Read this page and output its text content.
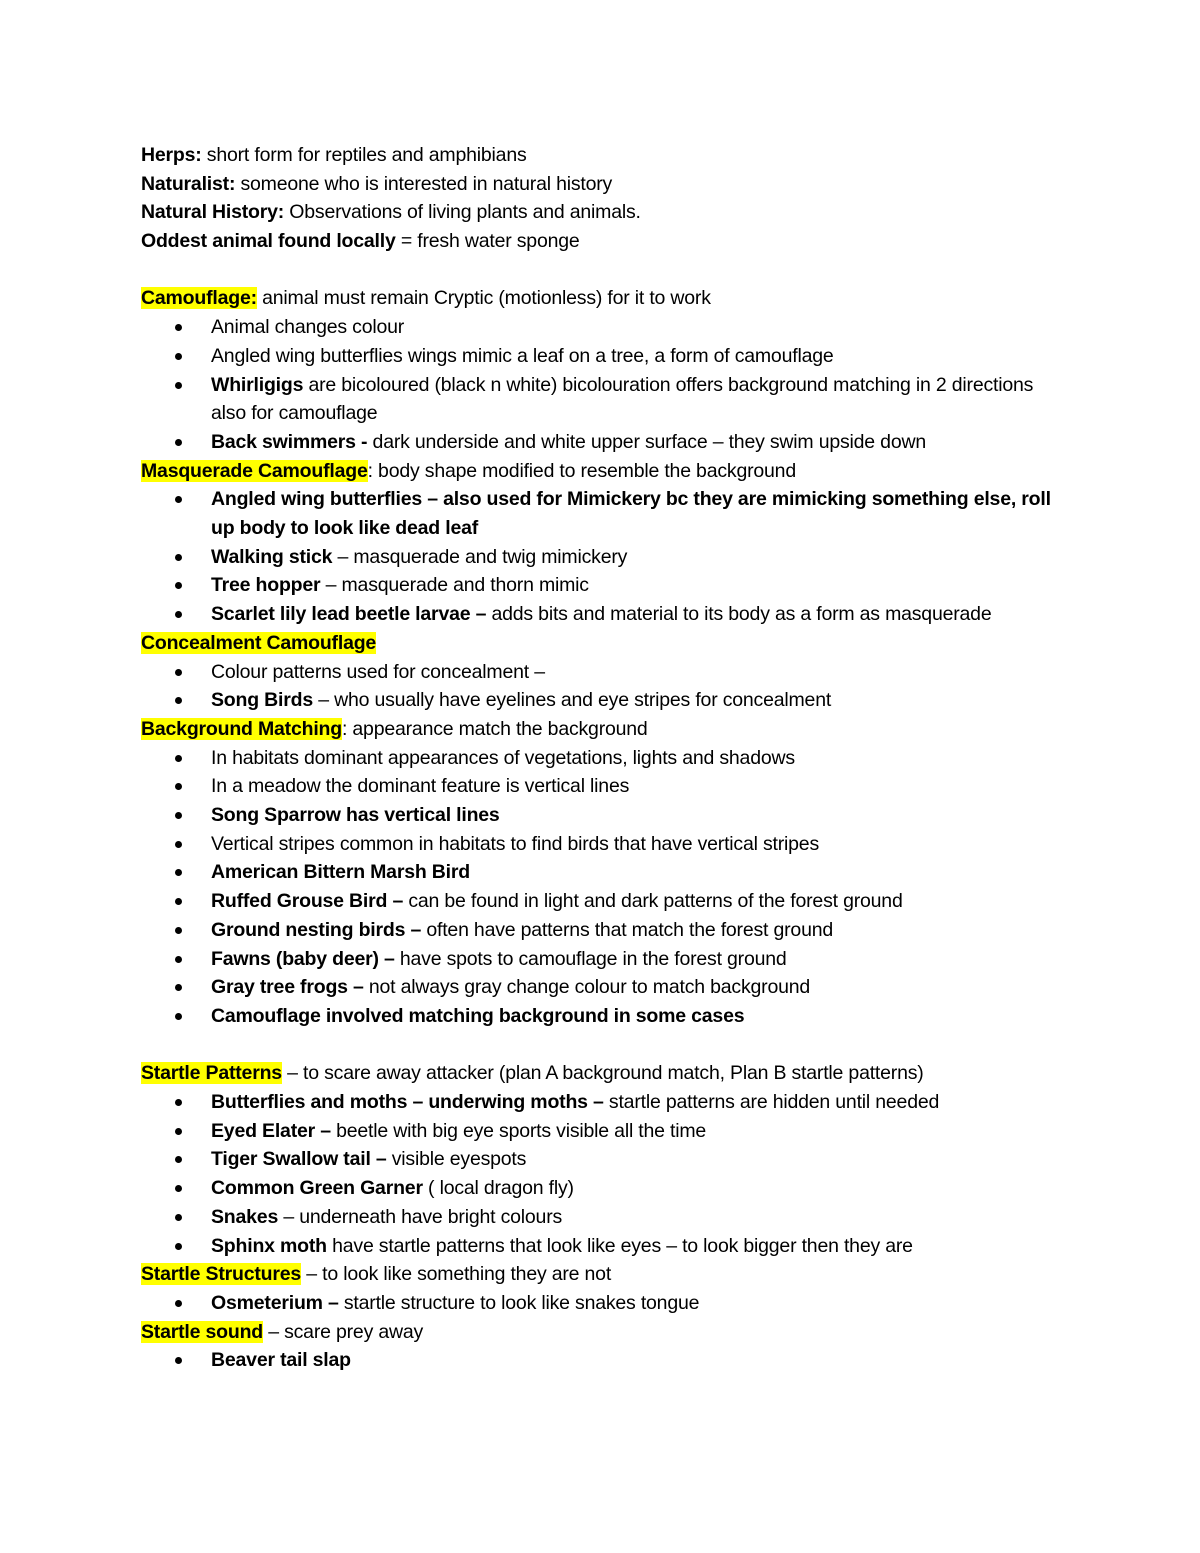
Herps: short form for reptiles and amphibians
Naturalist: someone who is interested in natural history
Natural History: Observations of living plants and animals.
Oddest animal found locally = fresh water sponge
Camouflage: animal must remain Cryptic (motionless) for it to work
Animal changes colour
Angled wing butterflies wings mimic a leaf on a tree, a form of camouflage
Whirligigs are bicoloured (black n white) bicolouration offers background matching in 2 directions also for camouflage
Back swimmers - dark underside and white upper surface – they swim upside down
Masquerade Camouflage: body shape modified to resemble the background
Angled wing butterflies – also used for Mimickery bc they are mimicking something else, roll up body to look like dead leaf
Walking stick – masquerade and twig mimickery
Tree hopper – masquerade and thorn mimic
Scarlet lily lead beetle larvae – adds bits and material to its body as a form as masquerade
Concealment Camouflage
Colour patterns used for concealment –
Song Birds – who usually have eyelines and eye stripes for concealment
Background Matching: appearance match the background
In habitats dominant appearances of vegetations, lights and shadows
In a meadow the dominant feature is vertical lines
Song Sparrow has vertical lines
Vertical stripes common in habitats to find birds that have vertical stripes
American Bittern Marsh Bird
Ruffed Grouse Bird – can be found in light and dark patterns of the forest ground
Ground nesting birds – often have patterns that match the forest ground
Fawns (baby deer) – have spots to camouflage in the forest ground
Gray tree frogs – not always gray change colour to match background
Camouflage involved matching background in some cases
Startle Patterns – to scare away attacker (plan A background match, Plan B startle patterns)
Butterflies and moths – underwing moths – startle patterns are hidden until needed
Eyed Elater – beetle with big eye sports visible all the time
Tiger Swallow tail – visible eyespots
Common Green Garner ( local dragon fly)
Snakes – underneath have bright colours
Sphinx moth have startle patterns that look like eyes – to look bigger then they are
Startle Structures – to look like something they are not
Osmeterium – startle structure to look like snakes tongue
Startle sound – scare prey away
Beaver tail slap
